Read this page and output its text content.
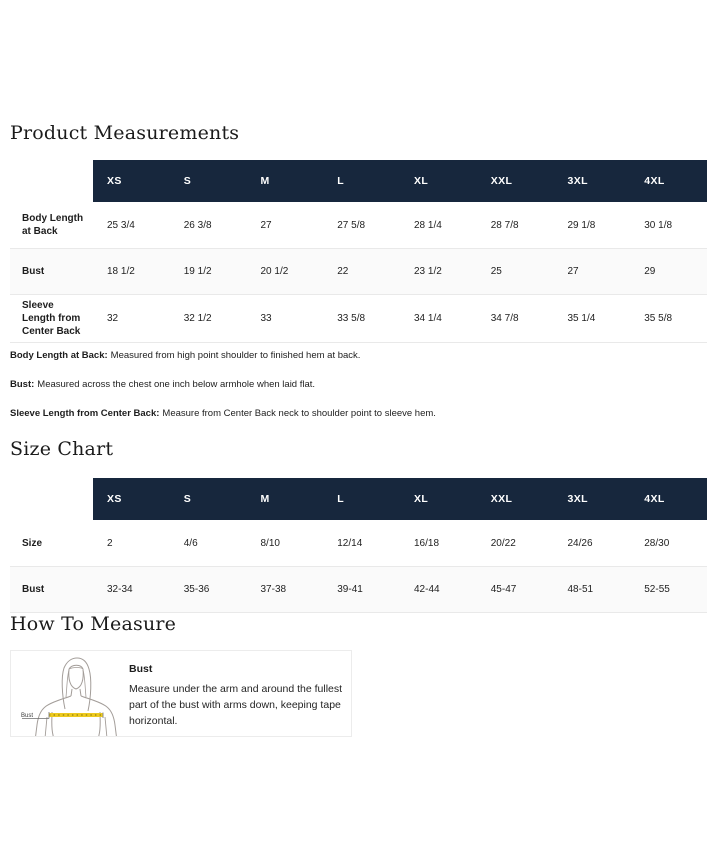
Product Measurements
	XS	S	M	L	XL	XXL	3XL	4XL
Body Length at Back	25 3/4	26 3/8	27	27 5/8	28 1/4	28 7/8	29 1/8	30 1/8
Bust	18 1/2	19 1/2	20 1/2	22	23 1/2	25	27	29
Sleeve Length from Center Back	32	32 1/2	33	33 5/8	34 1/4	34 7/8	35 1/4	35 5/8

Body Length at Back: Measured from high point shoulder to finished hem at back.

Bust: Measured across the chest one inch below armhole when laid flat.

Sleeve Length from Center Back: Measure from Center Back neck to shoulder point to sleeve hem.

Size Chart
	XS	S	M	L	XL	XXL	3XL	4XL
Size	2	4/6	8/10	12/14	16/18	20/22	24/26	28/30
Bust	32-34	35-36	37-38	39-41	42-44	45-47	48-51	52-55
How To Measure
Bust
Bust

Measure under the arm and around the fullest part of the bust with arms down, keeping tape horizontal.
